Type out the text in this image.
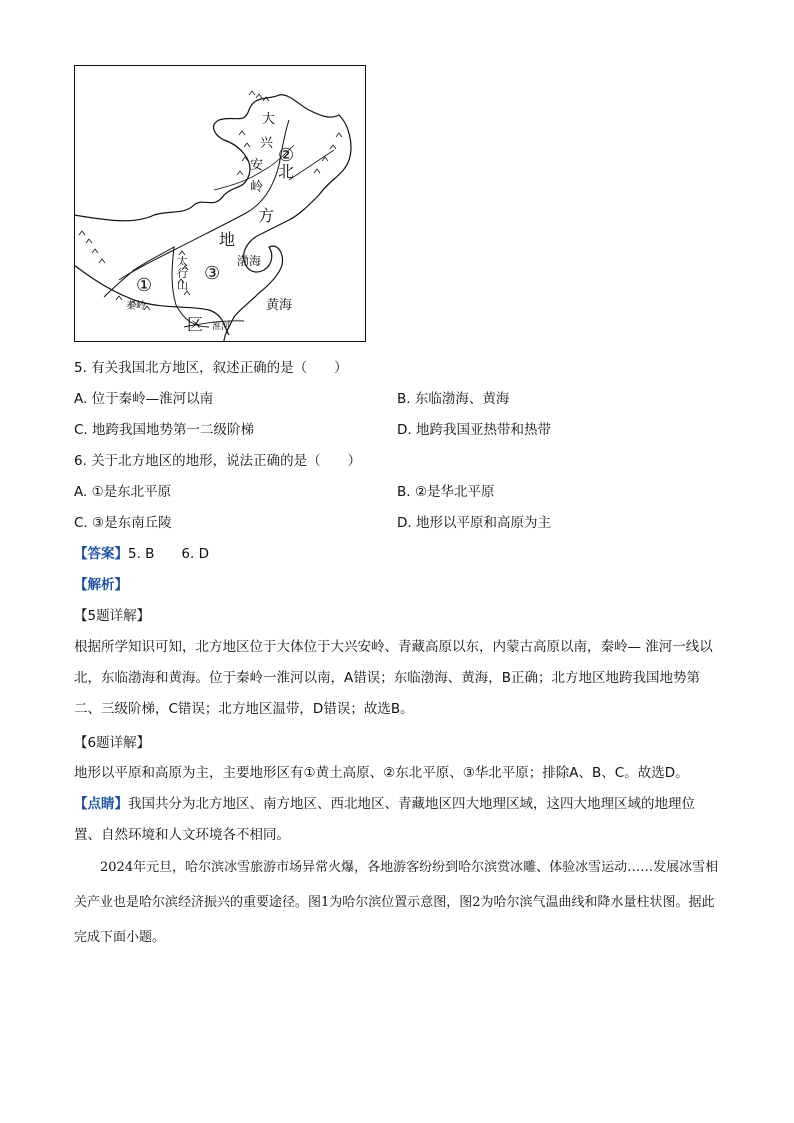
大
兴
安
岭
②
北
方
地
区
太
行
山
③
①
渤海
黄海
秦岭
淮河
5. 有关我国北方地区，叙述正确的是（　　）
A. 位于秦岭—淮河以南	B. 东临渤海、黄海
C. 地跨我国地势第一二级阶梯	D. 地跨我国亚热带和热带
6. 关于北方地区的地形，说法正确的是（　　）
A. ①是东北平原	B. ②是华北平原
C. ③是东南丘陵	D. 地形以平原和高原为主
【答案】5. B　　6. D
【解析】
【5题详解】
根据所学知识可知，北方地区位于大体位于大兴安岭、青藏高原以东，内蒙古高原以南，秦岭— 淮河一线以北，东临渤海和黄海。位于秦岭一淮河以南，A错误；东临渤海、黄海，B正确；北方地区地跨我国地势第二、三级阶梯，C错误；北方地区温带，D错误；故选B。
【6题详解】
地形以平原和高原为主，主要地形区有①黄土高原、②东北平原、③华北平原；排除A、B、C。故选D。
【点睛】我国共分为北方地区、南方地区、西北地区、青藏地区四大地理区域，这四大地理区域的地理位置、自然环境和人文环境各不相同。
2024年元旦，哈尔滨冰雪旅游市场异常火爆，各地游客纷纷到哈尔滨赏冰雕、体验冰雪运动……发展冰雪相关产业也是哈尔滨经济振兴的重要途径。图1为哈尔滨位置示意图，图2为哈尔滨气温曲线和降水量柱状图。据此完成下面小题。
